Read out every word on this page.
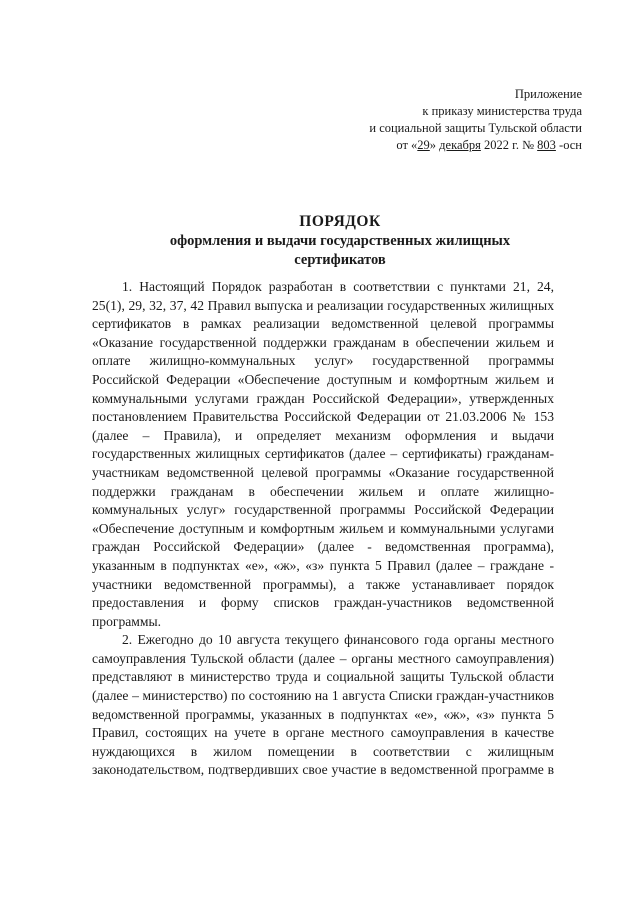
Приложение
к приказу министерства труда
и социальной защиты Тульской области
от «29» декабря 2022 г. № 803 -осн
ПОРЯДОК
оформления и выдачи государственных жилищных
сертификатов

1. Настоящий Порядок разработан в соответствии с пунктами 21, 24, 25(1), 29, 32, 37, 42 Правил выпуска и реализации государственных жилищных сертификатов в рамках реализации ведомственной целевой программы «Оказание государственной поддержки гражданам в обеспечении жильем и оплате жилищно-коммунальных услуг» государственной программы Российской Федерации «Обеспечение доступным и комфортным жильем и коммунальными услугами граждан Российской Федерации», утвержденных постановлением Правительства Российской Федерации от 21.03.2006 № 153 (далее – Правила), и определяет механизм оформления и выдачи государственных жилищных сертификатов (далее – сертификаты) гражданам-участникам ведомственной целевой программы «Оказание государственной поддержки гражданам в обеспечении жильем и оплате жилищно-коммунальных услуг» государственной программы Российской Федерации «Обеспечение доступным и комфортным жильем и коммунальными услугами граждан Российской Федерации» (далее - ведомственная программа), указанным в подпунктах «е», «ж», «з» пункта 5 Правил (далее – граждане - участники ведомственной программы), а также устанавливает порядок предоставления и форму списков граждан-участников ведомственной программы.

2. Ежегодно до 10 августа текущего финансового года органы местного самоуправления Тульской области (далее – органы местного самоуправления) представляют в министерство труда и социальной защиты Тульской области (далее – министерство) по состоянию на 1 августа Списки граждан-участников ведомственной программы, указанных в подпунктах «е», «ж», «з» пункта 5 Правил, состоящих на учете в органе местного самоуправления в качестве нуждающихся в жилом помещении в соответствии с жилищным законодательством, подтвердивших свое участие в ведомственной программе в
